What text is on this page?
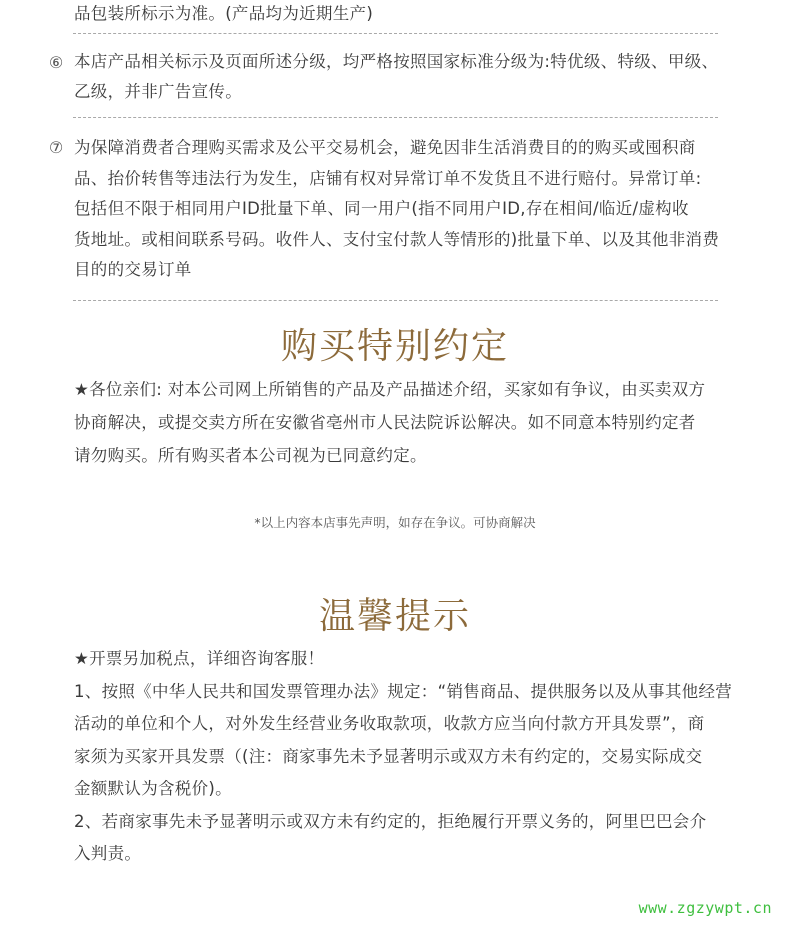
品包装所标示为准。(产品均为近期生产)
⑥ 本店产品相关标示及页面所述分级，均严格按照国家标准分级为:特优级、特级、甲级、
乙级，并非广告宣传。
⑦ 为保障消费者合理购买需求及公平交易机会，避免因非生活消费目的的购买或囤积商
品、抬价转售等违法行为发生，店铺有权对异常订单不发货且不进行赔付。异常订单:
包括但不限于相同用户ID批量下单、同一用户(指不同用户ID,存在相间/临近/虚构收
货地址。或相间联系号码。收件人、支付宝付款人等情形的)批量下单、以及其他非消费
目的的交易订单
购买特别约定
★各位亲们: 对本公司网上所销售的产品及产品描述介绍，买家如有争议，由买卖双方
协商解决，或提交卖方所在安徽省亳州市人民法院诉讼解决。如不同意本特别约定者
请勿购买。所有购买者本公司视为已同意约定。
*以上内容本店事先声明，如存在争议。可协商解决
温馨提示
★开票另加税点，详细咨询客服！
1、按照《中华人民共和国发票管理办法》规定：“销售商品、提供服务以及从事其他经营
活动的单位和个人，对外发生经营业务收取款项，收款方应当向付款方开具发票”，商
家须为买家开具发票（(注：商家事先未予显著明示或双方未有约定的，交易实际成交
金额默认为含税价)。
2、若商家事先未予显著明示或双方未有约定的，拒绝履行开票义务的，阿里巴巴会介
入判责。
www.zgzywpt.cn
